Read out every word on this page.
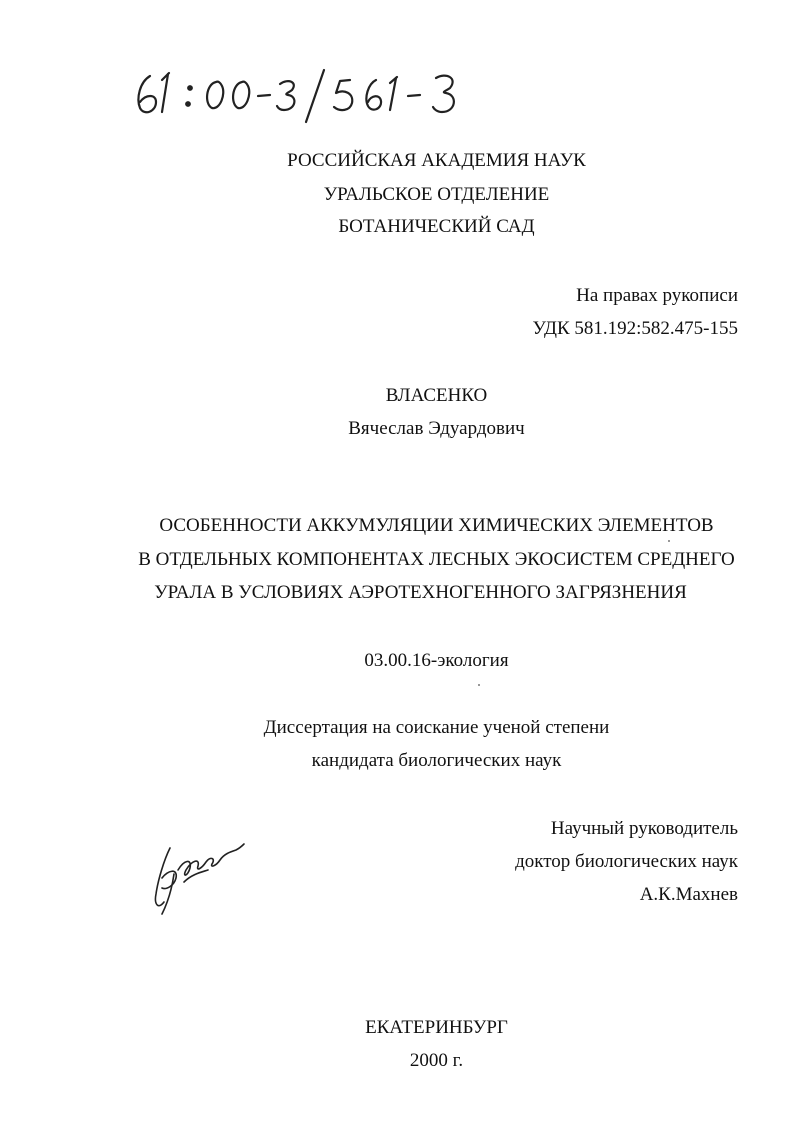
РОССИЙСКАЯ АКАДЕМИЯ НАУК
УРАЛЬСКОЕ ОТДЕЛЕНИЕ
БОТАНИЧЕСКИЙ САД
На правах рукописи
УДК 581.192:582.475-155
ВЛАСЕНКО
Вячеслав Эдуардович
ОСОБЕННОСТИ АККУМУЛЯЦИИ ХИМИЧЕСКИХ ЭЛЕМЕНТОВ
В ОТДЕЛЬНЫХ КОМПОНЕНТАХ ЛЕСНЫХ ЭКОСИСТЕМ СРЕДНЕГО
УРАЛА В УСЛОВИЯХ АЭРОТЕХНОГЕННОГО ЗАГРЯЗНЕНИЯ
03.00.16-экология
Диссертация на соискание ученой степени
кандидата биологических наук
Научный руководитель
доктор биологических наук
А.К.Махнев
ЕКАТЕРИНБУРГ
2000 г.
